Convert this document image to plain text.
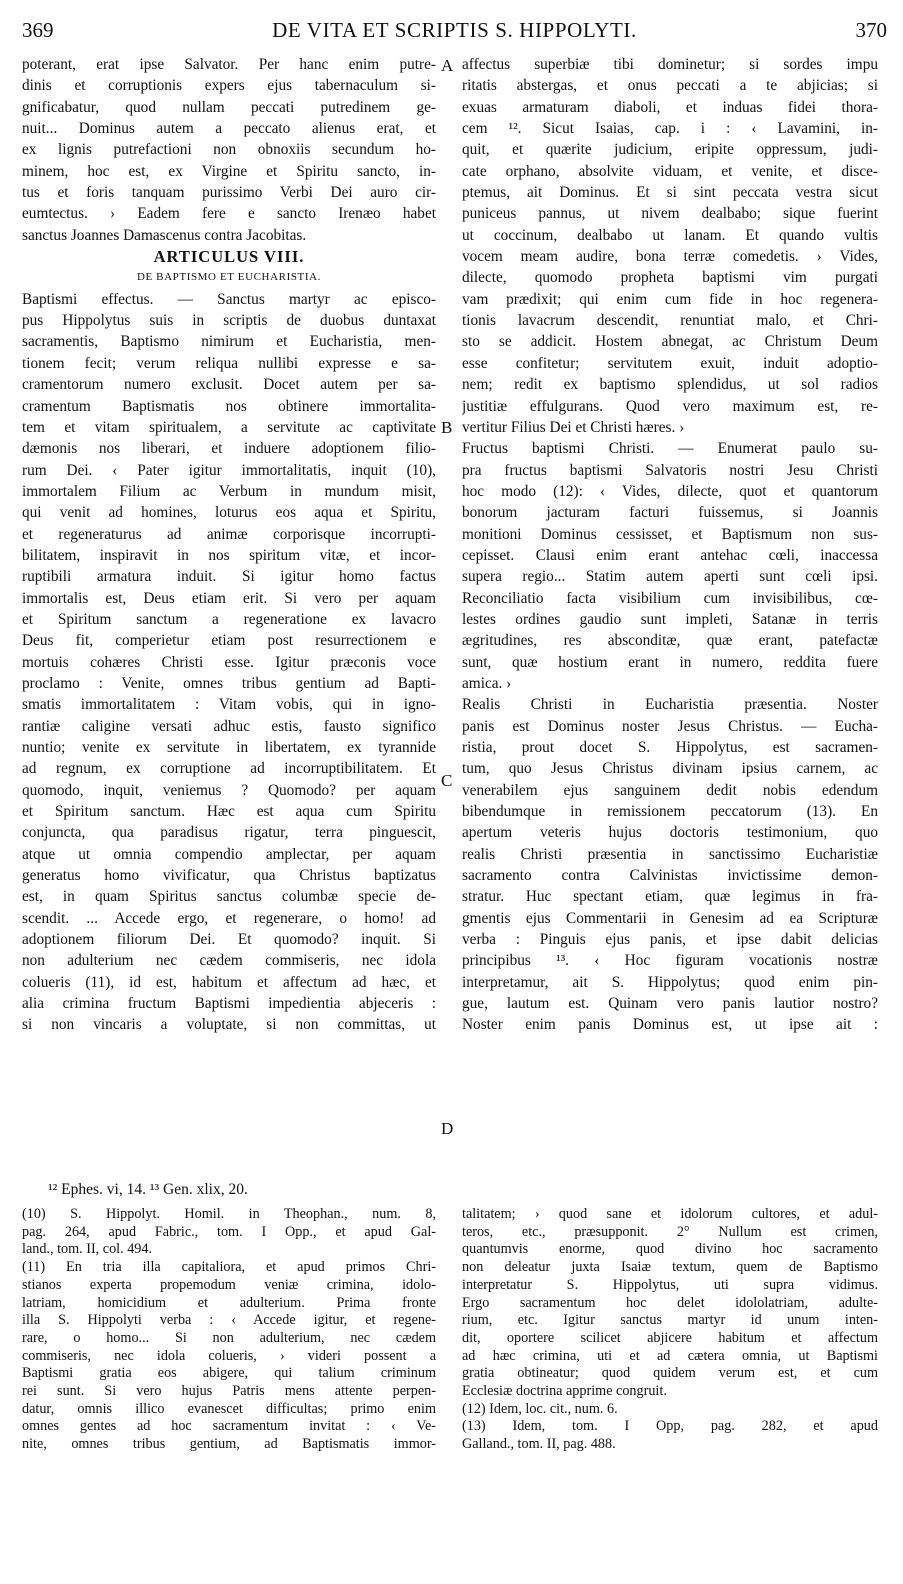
369	DE VITA ET SCRIPTIS S. HIPPOLYTI.	370
A
B
C
D
poterant, erat ipse Salvator. Per hanc enim putre-
dinis et corruptionis expers ejus tabernaculum si-
gnificabatur, quod nullam peccati putredinem ge-
nuit... Dominus autem a peccato alienus erat, et
ex lignis putrefactioni non obnoxiis secundum ho-
minem, hoc est, ex Virgine et Spiritu sancto, in-
tus et foris tanquam purissimo Verbi Dei auro cir-
eumtectus. › Eadem fere e sancto Irenæo habet
sanctus Joannes Damascenus contra Jacobitas.
ARTICULUS VIII.
DE BAPTISMO ET EUCHARISTIA.
Baptismi effectus. — Sanctus martyr ac episco-
pus Hippolytus suis in scriptis de duobus duntaxat
sacramentis, Baptismo nimirum et Eucharistia, men-
tionem fecit; verum reliqua nullibi expresse e sa-
cramentorum numero exclusit. Docet autem per sa-
cramentum Baptismatis nos obtinere immortalita-
tem et vitam spiritualem, a servitute ac captivitate
dæmonis nos liberari, et induere adoptionem filio-
rum Dei. ‹ Pater igitur immortalitatis, inquit (10),
immortalem Filium ac Verbum in mundum misit,
qui venit ad homines, loturus eos aqua et Spiritu,
et regeneraturus ad animæ corporisque incorrupti-
bilitatem, inspiravit in nos spiritum vitæ, et incor-
ruptibili armatura induit. Si igitur homo factus
immortalis est, Deus etiam erit. Si vero per aquam
et Spiritum sanctum a regeneratione ex lavacro
Deus fit, comperietur etiam post resurrectionem e
mortuis cohæres Christi esse. Igitur præconis voce
proclamo : Venite, omnes tribus gentium ad Bapti-
smatis immortalitatem : Vitam vobis, qui in igno-
rantiæ caligine versati adhuc estis, fausto significo
nuntio; venite ex servitute in libertatem, ex tyrannide
ad regnum, ex corruptione ad incorruptibilitatem. Et
quomodo, inquit, veniemus ? Quomodo? per aquam
et Spiritum sanctum. Hæc est aqua cum Spiritu
conjuncta, qua paradisus rigatur, terra pinguescit,
atque ut omnia compendio amplectar, per aquam
generatus homo vivificatur, qua Christus baptizatus
est, in quam Spiritus sanctus columbæ specie de-
scendit. ... Accede ergo, et regenerare, o homo! ad
adoptionem filiorum Dei. Et quomodo? inquit. Si
non adulterium nec cædem commiseris, nec idola
colueris (11), id est, habitum et affectum ad hæc, et
alia crimina fructum Baptismi impedientia abjeceris :
si non vincaris a voluptate, si non committas, ut
affectus superbiæ tibi dominetur; si sordes impu
ritatis abstergas, et onus peccati a te abjicias; si
exuas armaturam diaboli, et induas fidei thora-
cem ¹². Sicut Isaias, cap. i : ‹ Lavamini, in-
quit, et quærite judicium, eripite oppressum, judi-
cate orphano, absolvite viduam, et venite, et disce-
ptemus, ait Dominus. Et si sint peccata vestra sicut
puniceus pannus, ut nivem dealbabo; sique fuerint
ut coccinum, dealbabo ut lanam. Et quando vultis
vocem meam audire, bona terræ comedetis. › Vides,
dilecte, quomodo propheta baptismi vim purgati
vam prædixit; qui enim cum fide in hoc regenera-
tionis lavacrum descendit, renuntiat malo, et Chri-
sto se addicit. Hostem abnegat, ac Christum Deum
esse confitetur; servitutem exuit, induit adoptio-
nem; redit ex baptismo splendidus, ut sol radios
justitiæ effulgurans. Quod vero maximum est, re-
vertitur Filius Dei et Christi hæres. ›
Fructus baptismi Christi. — Enumerat paulo su-
pra fructus baptismi Salvatoris nostri Jesu Christi
hoc modo (12): ‹ Vides, dilecte, quot et quantorum
bonorum jacturam facturi fuissemus, si Joannis
monitioni Dominus cessisset, et Baptismum non sus-
cepisset. Clausi enim erant antehac cœli, inaccessa
supera regio... Statim autem aperti sunt cœli ipsi.
Reconciliatio facta visibilium cum invisibilibus, cœ-
lestes ordines gaudio sunt impleti, Satanæ in terris
ægritudines, res absconditæ, quæ erant, patefactæ
sunt, quæ hostium erant in numero, reddita fuere
amica. ›
Realis Christi in Eucharistia præsentia. Noster
panis est Dominus noster Jesus Christus. — Eucha-
ristia, prout docet S. Hippolytus, est sacramen-
tum, quo Jesus Christus divinam ipsius carnem, ac
venerabilem ejus sanguinem dedit nobis edendum
bibendumque in remissionem peccatorum (13). En
apertum veteris hujus doctoris testimonium, quo
realis Christi præsentia in sanctissimo Eucharistiæ
sacramento contra Calvinistas invictissime demon-
stratur. Huc spectant etiam, quæ legimus in fra-
gmentis ejus Commentarii in Genesim ad ea Scripturæ
verba : Pinguis ejus panis, et ipse dabit delicias
principibus ¹³. ‹ Hoc figuram vocationis nostræ
interpretamur, ait S. Hippolytus; quod enim pin-
gue, lautum est. Quinam vero panis lautior nostro?
Noster enim panis Dominus est, ut ipse ait :
¹² Ephes. vi, 14. ¹³ Gen. xlix, 20.
(10) S. Hippolyt. Homil. in Theophan., num. 8,
pag. 264, apud Fabric., tom. I Opp., et apud Gal-
land., tom. II, col. 494.
(11) En tria illa capitaliora, et apud primos Chri-
stianos experta propemodum veniæ crimina, idolo-
latriam, homicidium et adulterium. Prima fronte
illa S. Hippolyti verba : ‹ Accede igitur, et regene-
rare, o homo... Si non adulterium, nec cædem
commiseris, nec idola colueris, › videri possent a
Baptismi gratia eos abigere, qui talium criminum
rei sunt. Si vero hujus Patris mens attente perpen-
datur, omnis illico evanescet difficultas; primo enim
omnes gentes ad hoc sacramentum invitat : ‹ Ve-
nite, omnes tribus gentium, ad Baptismatis immor-
talitatem; › quod sane et idolorum cultores, et adul-
teros, etc., præsupponit. 2° Nullum est crimen,
quantumvis enorme, quod divino hoc sacramento
non deleatur juxta Isaiæ textum, quem de Baptismo
interpretatur S. Hippolytus, uti supra vidimus.
Ergo sacramentum hoc delet idololatriam, adulte-
rium, etc. Igitur sanctus martyr id unum inten-
dit, oportere scilicet abjicere habitum et affectum
ad hæc crimina, uti et ad cætera omnia, ut Baptismi
gratia obtineatur; quod quidem verum est, et cum
Ecclesiæ doctrina apprime congruit.
(12) Idem, loc. cit., num. 6.
(13) Idem, tom. I Opp, pag. 282, et apud
Galland., tom. II, pag. 488.
